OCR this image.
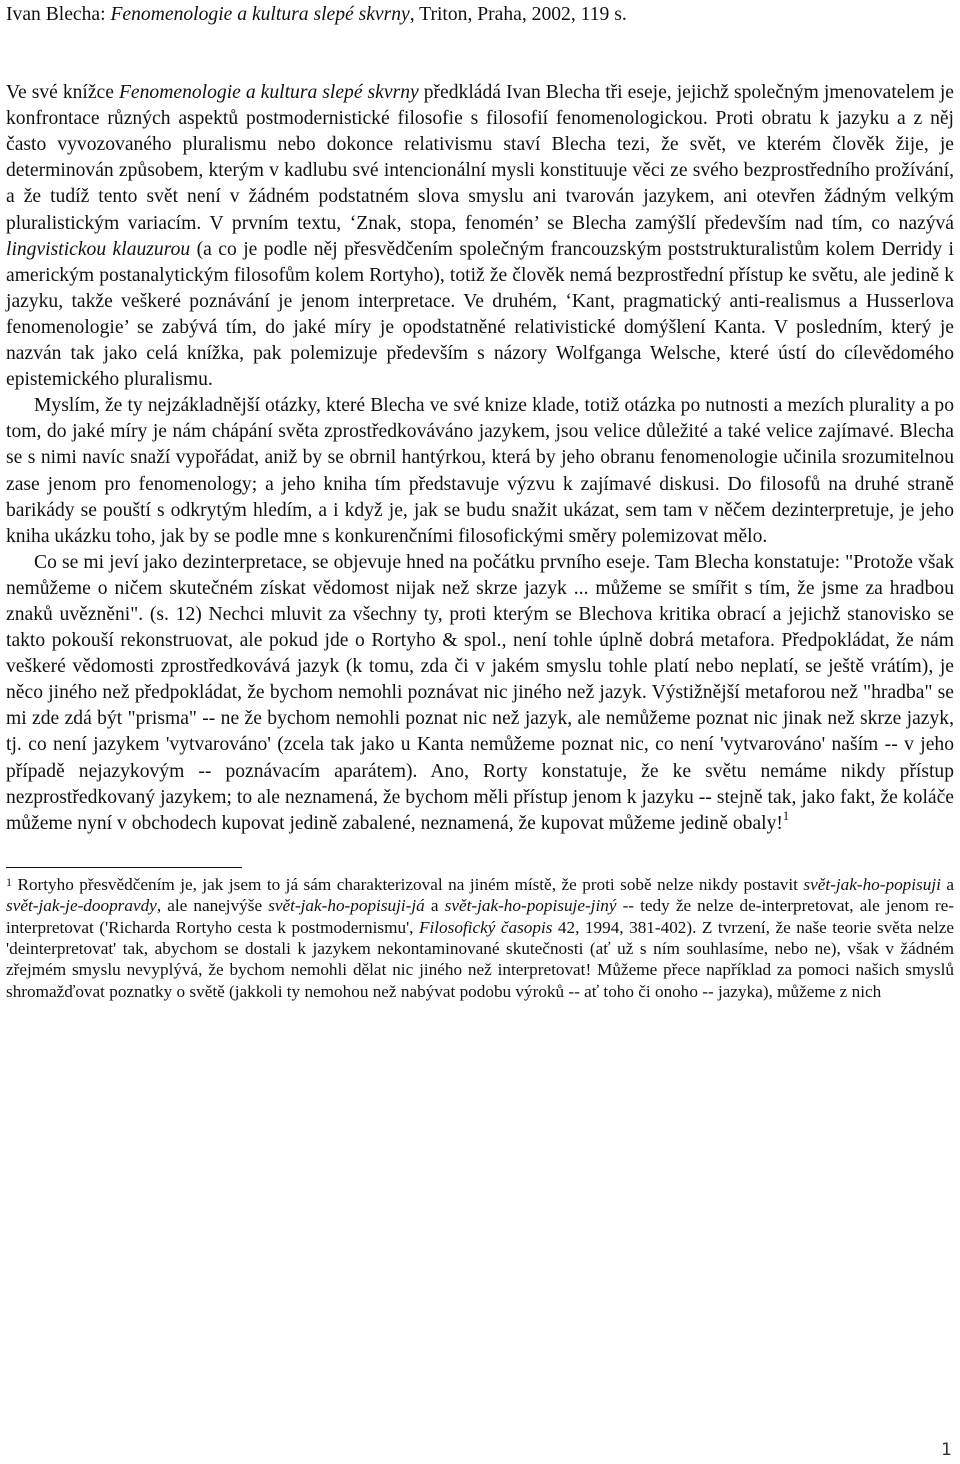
Ivan Blecha: Fenomenologie a kultura slepé skvrny, Triton, Praha, 2002, 119 s.

Ve své knížce Fenomenologie a kultura slepé skvrny předkládá Ivan Blecha tři eseje, jejichž společným jmenovatelem je konfrontace různých aspektů postmodernistické filosofie s filosofií fenomenologickou. Proti obratu k jazyku a z něj často vyvozovaného pluralismu nebo dokonce relativismu staví Blecha tezi, že svět, ve kterém člověk žije, je determinován způsobem, kterým v kadlubu své intencionální mysli konstituuje věci ze svého bezprostředního prožívání, a že tudíž tento svět není v žádném podstatném slova smyslu ani tvarován jazykem, ani otevřen žádným velkým pluralistickým variacím. V prvním textu, ‘Znak, stopa, fenomén’ se Blecha zamýšlí především nad tím, co nazývá lingvistickou klauzurou (a co je podle něj přesvědčením společným francouzským poststrukturalistům kolem Derridy i americkým postanalytickým filosofům kolem Rortyho), totiž že člověk nemá bezprostřední přístup ke světu, ale jedině k jazyku, takže veškeré poznávání je jenom interpretace. Ve druhém, ‘Kant, pragmatický anti-realismus a Husserlova fenomenologie’ se zabývá tím, do jaké míry je opodstatněné relativistické domýšlení Kanta. V posledním, který je nazván tak jako celá knížka, pak polemizuje především s názory Wolfganga Welsche, které ústí do cílevědomého epistemického pluralismu.

Myslím, že ty nejzákladnější otázky, které Blecha ve své knize klade, totiž otázka po nutnosti a mezích plurality a po tom, do jaké míry je nám chápání světa zprostředkováváno jazykem, jsou velice důležité a také velice zajímavé. Blecha se s nimi navíc snaží vypořádat, aniž by se obrnil hantýrkou, která by jeho obranu fenomenologie učinila srozumitelnou zase jenom pro fenomenology; a jeho kniha tím představuje výzvu k zajímavé diskusi. Do filosofů na druhé straně barikády se pouští s odkrytým hledím, a i když je, jak se budu snažit ukázat, sem tam v něčem dezinterpretuje, je jeho kniha ukázku toho, jak by se podle mne s konkurenčními filosofickými směry polemizovat mělo.

Co se mi jeví jako dezinterpretace, se objevuje hned na počátku prvního eseje. Tam Blecha konstatuje: "Protože však nemůžeme o ničem skutečném získat vědomost nijak než skrze jazyk ... můžeme se smířit s tím, že jsme za hradbou znaků uvězněni". (s. 12) Nechci mluvit za všechny ty, proti kterým se Blechova kritika obrací a jejichž stanovisko se takto pokouší rekonstruovat, ale pokud jde o Rortyho & spol., není tohle úplně dobrá metafora. Předpokládat, že nám veškeré vědomosti zprostředkovává jazyk (k tomu, zda či v jakém smyslu tohle platí nebo neplatí, se ještě vrátím), je něco jiného než předpokládat, že bychom nemohli poznávat nic jiného než jazyk. Výstižnější metaforou než "hradba" se mi zde zdá být "prisma" -- ne že bychom nemohli poznat nic než jazyk, ale nemůžeme poznat nic jinak než skrze jazyk, tj. co není jazykem 'vytvarováno' (zcela tak jako u Kanta nemůžeme poznat nic, co není 'vytvarováno' naším -- v jeho případě nejazykovým -- poznávacím aparátem). Ano, Rorty konstatuje, že ke světu nemáme nikdy přístup nezprostředkovaný jazykem; to ale neznamená, že bychom měli přístup jenom k jazyku -- stejně tak, jako fakt, že koláče můžeme nyní v obchodech kupovat jedině zabalené, neznamená, že kupovat můžeme jedině obaly!$^1$

$^1$ Rortyho přesvědčením je, jak jsem to já sám charakterizoval na jiném místě, že proti sobě nelze nikdy postavit svět-jak-ho-popisuji a svět-jak-je-doopravdy, ale nanejvýše svět-jak-ho-popisuji-já a svět-jak-ho-popisuje-jiný -- tedy že nelze de-interpretovat, ale jenom re-interpretovat ('Richarda Rortyho cesta k postmodernismu', Filosofický časopis 42, 1994, 381-402). Z tvrzení, že naše teorie světa nelze 'deinterpretovat' tak, abychom se dostali k jazykem nekontaminované skutečnosti (ať už s ním souhlasíme, nebo ne), však v žádném zřejmém smyslu nevyplývá, že bychom nemohli dělat nic jiného než interpretovat! Můžeme přece například za pomoci našich smyslů shromažďovat poznatky o světě (jakkoli ty nemohou než nabývat podobu výroků -- ať toho či onoho -- jazyka), můžeme z nich

1
